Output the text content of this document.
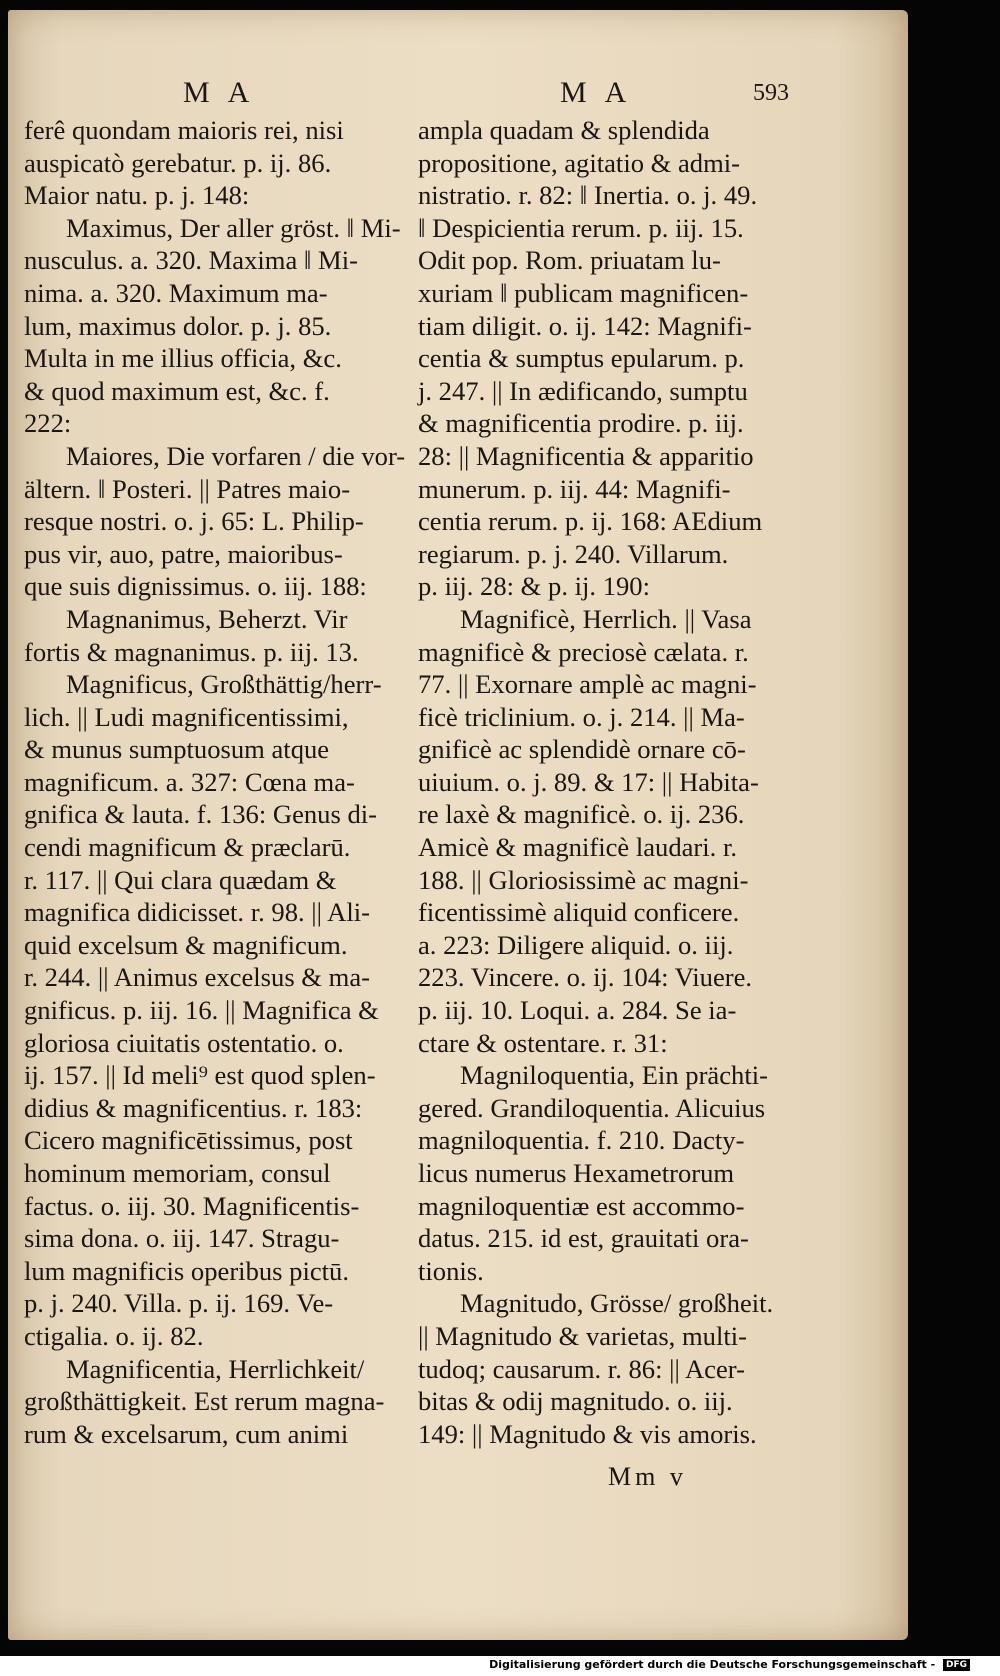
MA	MA	593

ferê quondam maioris rei, nisi

auspicatò gerebatur. p. ij. 86.

Maior natu. p. j. 148:

Maximus, Der aller gröst. ǁ Mi-

nusculus. a. 320. Maxima ǁ Mi-

nima. a. 320. Maximum ma-

lum, maximus dolor. p. j. 85.

Multa in me illius officia, &c.

& quod maximum est, &c. f.

222:

Maiores, Die vorfaren / die vor-

ältern. ǁ Posteri. || Patres maio-

resque nostri. o. j. 65: L. Philip-

pus vir, auo, patre, maioribus-

que suis dignissimus. o. iij. 188:

Magnanimus, Beherzt. Vir

fortis & magnanimus. p. iij. 13.

Magnificus, Großthättig/herr-

lich. || Ludi magnificentissimi,

& munus sumptuosum atque

magnificum. a. 327: Cœna ma-

gnifica & lauta. f. 136: Genus di-

cendi magnificum & præclarū.

r. 117. || Qui clara quædam &

magnifica didicisset. r. 98. || Ali-

quid excelsum & magnificum.

r. 244. || Animus excelsus & ma-

gnificus. p. iij. 16. || Magnifica &

gloriosa ciuitatis ostentatio. o.

ij. 157. || Id meli⁹ est quod splen-

didius & magnificentius. r. 183:

Cicero magnificētissimus, post

hominum memoriam, consul

factus. o. iij. 30. Magnificentis-

sima dona. o. iij. 147. Stragu-

lum magnificis operibus pictū.

p. j. 240. Villa. p. ij. 169. Ve-

ctigalia. o. ij. 82.

Magnificentia, Herrlichkeit/

großthättigkeit. Est rerum magna-

rum & excelsarum, cum animi

ampla quadam & splendida

propositione, agitatio & admi-

nistratio. r. 82: ǁ Inertia. o. j. 49.

ǁ Despicientia rerum. p. iij. 15.

Odit pop. Rom. priuatam lu-

xuriam ǁ publicam magnificen-

tiam diligit. o. ij. 142: Magnifi-

centia & sumptus epularum. p.

j. 247. || In ædificando, sumptu

& magnificentia prodire. p. iij.

28: || Magnificentia & apparitio

munerum. p. iij. 44: Magnifi-

centia rerum. p. ij. 168: AEdium

regiarum. p. j. 240. Villarum.

p. iij. 28: & p. ij. 190:

Magnificè, Herrlich. || Vasa

magnificè & preciosè cælata. r.

77. || Exornare amplè ac magni-

ficè triclinium. o. j. 214. || Ma-

gnificè ac splendidè ornare cō-

uiuium. o. j. 89. & 17: || Habita-

re laxè & magnificè. o. ij. 236.

Amicè & magnificè laudari. r.

188. || Gloriosissimè ac magni-

ficentissimè aliquid conficere.

a. 223: Diligere aliquid. o. iij.

223. Vincere. o. ij. 104: Viuere.

p. iij. 10. Loqui. a. 284. Se ia-

ctare & ostentare. r. 31:

Magniloquentia, Ein prächti-

gered. Grandiloquentia. Alicuius

magniloquentia. f. 210. Dacty-

licus numerus Hexametrorum

magniloquentiæ est accommo-

datus. 215. id est, grauitati ora-

tionis.

Magnitudo, Grösse/ großheit.

|| Magnitudo & varietas, multi-

tudoq; causarum. r. 86: || Acer-

bitas & odij magnitudo. o. iij.

149: || Magnitudo & vis amoris.

Mm v
Digitalisierung gefördert durch die Deutsche Forschungsgemeinschaft - DFG
